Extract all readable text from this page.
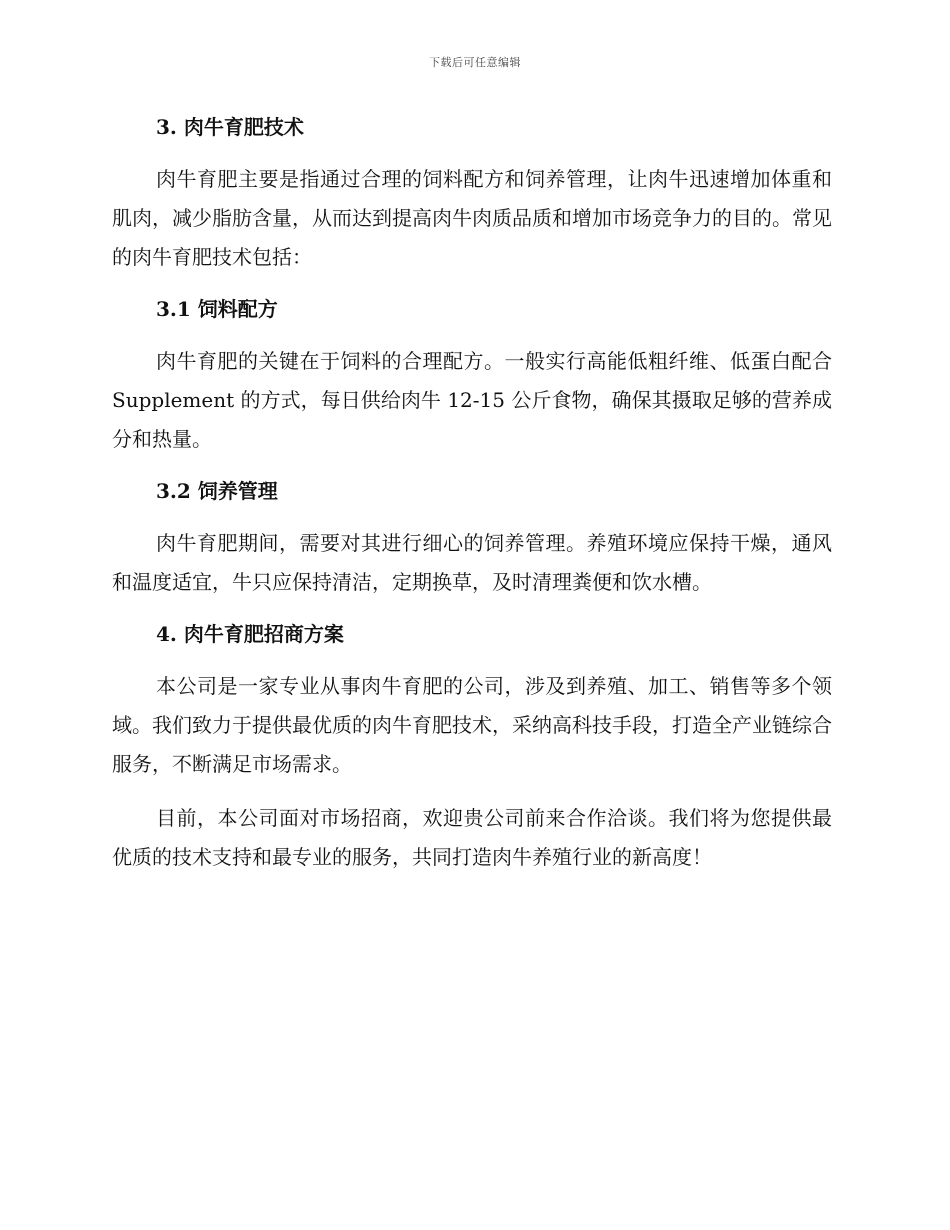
下载后可任意编辑
3. 肉牛育肥技术

肉牛育肥主要是指通过合理的饲料配方和饲养管理，让肉牛迅速增加体重和肌肉，减少脂肪含量，从而达到提高肉牛肉质品质和增加市场竞争力的目的。常见的肉牛育肥技术包括：

3.1 饲料配方

肉牛育肥的关键在于饲料的合理配方。一般实行高能低粗纤维、低蛋白配合 Supplement 的方式，每日供给肉牛 12-15 公斤食物，确保其摄取足够的营养成分和热量。

3.2 饲养管理

肉牛育肥期间，需要对其进行细心的饲养管理。养殖环境应保持干燥，通风和温度适宜，牛只应保持清洁，定期换草，及时清理粪便和饮水槽。

4. 肉牛育肥招商方案

本公司是一家专业从事肉牛育肥的公司，涉及到养殖、加工、销售等多个领域。我们致力于提供最优质的肉牛育肥技术，采纳高科技手段，打造全产业链综合服务，不断满足市场需求。

目前，本公司面对市场招商，欢迎贵公司前来合作洽谈。我们将为您提供最优质的技术支持和最专业的服务，共同打造肉牛养殖行业的新高度！
